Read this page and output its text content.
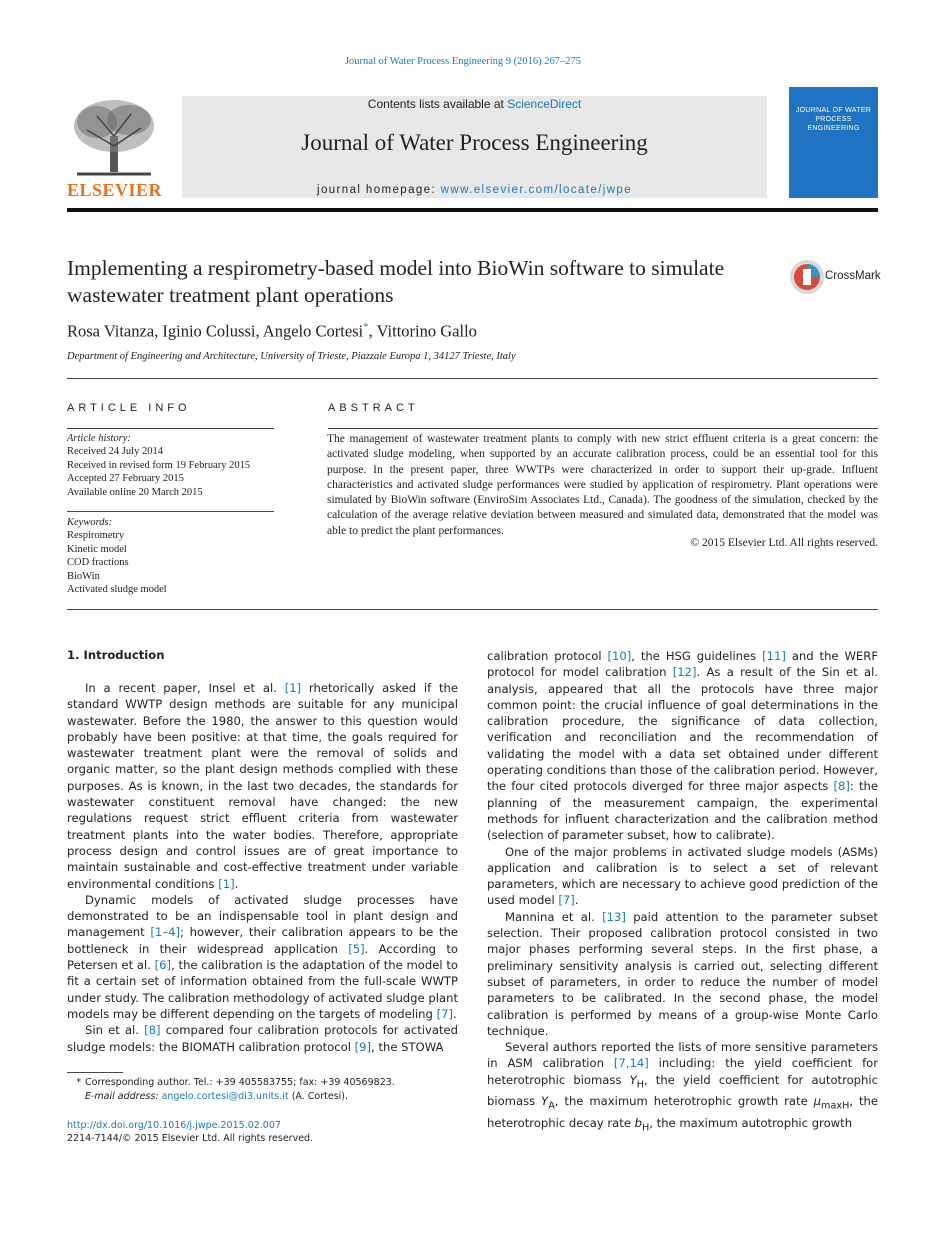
Journal of Water Process Engineering 9 (2016) 267–275
ELSEVIER
Contents lists available at ScienceDirect
Journal of Water Process Engineering
journal homepage: www.elsevier.com/locate/jwpe
JOURNAL OF WATER PROCESS ENGINEERING
Implementing a respirometry-based model into BioWin software to simulate wastewater treatment plant operations
CrossMark
Rosa Vitanza, Iginio Colussi, Angelo Cortesi*, Vittorino Gallo
Department of Engineering and Architecture, University of Trieste, Piazzale Europa 1, 34127 Trieste, Italy
ARTICLE INFO	ABSTRACT
Article history:
Received 24 July 2014
Received in revised form 19 February 2015
Accepted 27 February 2015
Available online 20 March 2015
Keywords:
Respirometry
Kinetic model
COD fractions
BioWin
Activated sludge model
The management of wastewater treatment plants to comply with new strict effluent criteria is a great concern: the activated sludge modeling, when supported by an accurate calibration process, could be an essential tool for this purpose. In the present paper, three WWTPs were characterized in order to support their up-grade. Influent characteristics and activated sludge performances were studied by application of respirometry. Plant operations were simulated by BioWin software (EnviroSim Associates Ltd., Canada). The goodness of the simulation, checked by the calculation of the average relative deviation between measured and simulated data, demonstrated that the model was able to predict the plant performances.
© 2015 Elsevier Ltd. All rights reserved.
1. Introduction

In a recent paper, Insel et al. [1] rhetorically asked if the standard WWTP design methods are suitable for any municipal wastewater. Before the 1980, the answer to this question would probably have been positive: at that time, the goals required for wastewater treatment plant were the removal of solids and organic matter, so the plant design methods complied with these purposes. As is known, in the last two decades, the standards for wastewater constituent removal have changed: the new regulations request strict effluent criteria from wastewater treatment plants into the water bodies. Therefore, appropriate process design and control issues are of great importance to maintain sustainable and cost-effective treatment under variable environmental conditions [1].

Dynamic models of activated sludge processes have demonstrated to be an indispensable tool in plant design and management [1–4]; however, their calibration appears to be the bottleneck in their widespread application [5]. According to Petersen et al. [6], the calibration is the adaptation of the model to fit a certain set of information obtained from the full-scale WWTP under study. The calibration methodology of activated sludge plant models may be different depending on the targets of modeling [7].

Sin et al. [8] compared four calibration protocols for activated sludge models: the BIOMATH calibration protocol [9], the STOWA

calibration protocol [10], the HSG guidelines [11] and the WERF protocol for model calibration [12]. As a result of the Sin et al. analysis, appeared that all the protocols have three major common point: the crucial influence of goal determinations in the calibration procedure, the significance of data collection, verification and reconciliation and the recommendation of validating the model with a data set obtained under different operating conditions than those of the calibration period. However, the four cited protocols diverged for three major aspects [8]: the planning of the measurement campaign, the experimental methods for influent characterization and the calibration method (selection of parameter subset, how to calibrate).

One of the major problems in activated sludge models (ASMs) application and calibration is to select a set of relevant parameters, which are necessary to achieve good prediction of the used model [7].

Mannina et al. [13] paid attention to the parameter subset selection. Their proposed calibration protocol consisted in two major phases performing several steps. In the first phase, a preliminary sensitivity analysis is carried out, selecting different subset of parameters, in order to reduce the number of model parameters to be calibrated. In the second phase, the model calibration is performed by means of a group-wise Monte Carlo technique.

Several authors reported the lists of more sensitive parameters in ASM calibration [7,14] including: the yield coefficient for heterotrophic biomass $Y_H$, the yield coefficient for autotrophic biomass $Y_A$, the maximum heterotrophic growth rate $\mu_{maxH}$, the heterotrophic decay rate $b_H$, the maximum autotrophic growth

* Corresponding author. Tel.: +39 405583755; fax: +39 40569823.
E-mail address: angelo.cortesi@di3.units.it (A. Cortesi).
http://dx.doi.org/10.1016/j.jwpe.2015.02.007
2214-7144/© 2015 Elsevier Ltd. All rights reserved.
